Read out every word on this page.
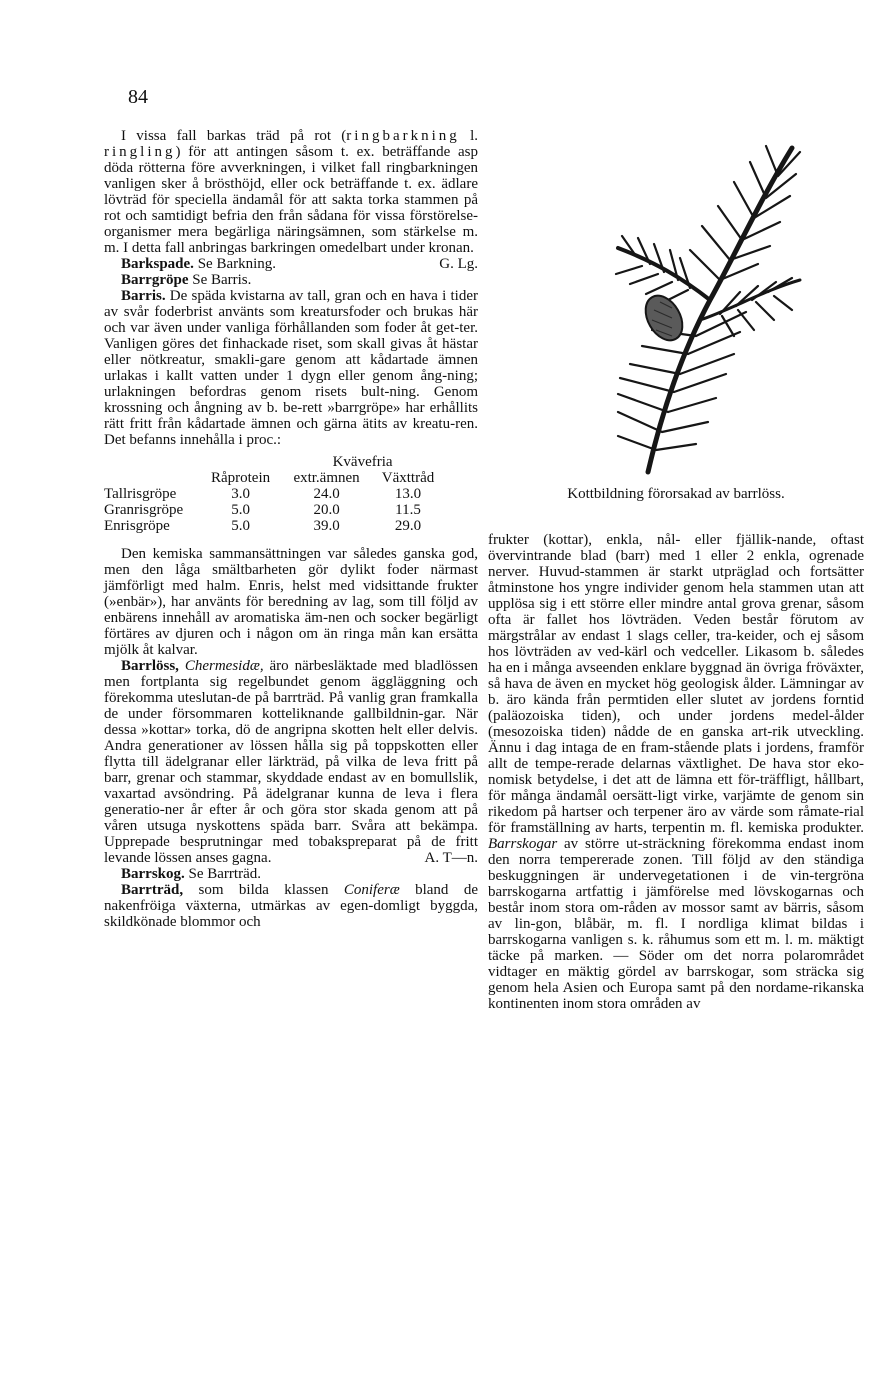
84

I vissa fall barkas träd på rot (ringbarkning l. ringling) för att antingen såsom t. ex. beträffande asp döda rötterna före avverkningen, i vilket fall ringbarkningen vanligen sker å brösthöjd, eller ock beträffande t. ex. ädlare lövträd för speciella ändamål för att sakta torka stammen på rot och samtidigt befria den från sådana för vissa förstörelse-organismer mera begärliga näringsämnen, som stärkelse m. m. I detta fall anbringas barkringen omedelbart under kronan.
G. Lg.

Barkspade. Se Barkning.

Barrgröpe Se Barris.

Barris. De späda kvistarna av tall, gran och en hava i tider av svår foderbrist använts som kreatursfoder och brukas här och var även under vanliga förhållanden som foder åt get-ter. Vanligen göres det finhackade riset, som skall givas åt hästar eller nötkreatur, smakli-gare genom att kådartade ämnen urlakas i kallt vatten under 1 dygn eller genom ång-ning; urlakningen befordras genom risets bult-ning. Genom krossning och ångning av b. be-rett »barrgröpe» har erhållits rätt fritt från kådartade ämnen och gärna ätits av kreatu-ren. Det befanns innehålla i proc.:

		Kvävefria	
	Råprotein	extr.ämnen	Växttråd
Tallrisgröpe	3.0	24.0	13.0
Granrisgröpe	5.0	20.0	11.5
Enrisgröpe	5.0	39.0	29.0

Den kemiska sammansättningen var således ganska god, men den låga smältbarheten gör dylikt foder närmast jämförligt med halm. Enris, helst med vidsittande frukter (»enbär»), har använts för beredning av lag, som till följd av enbärens innehåll av aromatiska äm-nen och socker begärligt förtäres av djuren och i någon om än ringa mån kan ersätta mjölk åt kalvar.

Barrlöss, Chermesidæ, äro närbesläktade med bladlössen men fortplanta sig regelbundet genom äggläggning och förekomma uteslutan-de på barrträd. På vanlig gran framkalla de under försommaren kotteliknande gallbildnin-gar. När dessa »kottar» torka, dö de angripna skotten helt eller delvis. Andra generationer av lössen hålla sig på toppskotten eller flytta till ädelgranar eller lärkträd, på vilka de leva fritt på barr, grenar och stammar, skyddade endast av en bomullslik, vaxartad avsöndring. På ädelgranar kunna de leva i flera generatio-ner år efter år och göra stor skada genom att på våren utsuga nyskottens späda barr. Svåra att bekämpa. Upprepade besprutningar med tobakspreparat på de fritt levande lössen anses gagna.	A. T—n.

Barrskog. Se Barrträd.

Barrträd, som bilda klassen Coniferæ bland de nakenfröiga växterna, utmärkas av egen-domligt byggda, skildkönade blommor och

Kottbildning förorsakad av barrlöss.

frukter (kottar), enkla, nål- eller fjällik-nande, oftast övervintrande blad (barr) med 1 eller 2 enkla, ogrenade nerver. Huvud-stammen är starkt utpräglad och fortsätter åtminstone hos yngre individer genom hela stammen utan att upplösa sig i ett större eller mindre antal grova grenar, såsom ofta är fallet hos lövträden. Veden består förutom av märgstrålar av endast 1 slags celler, tra-keider, och ej såsom hos lövträden av ved-kärl och vedceller. Likasom b. således ha en i många avseenden enklare byggnad än övriga fröväxter, så hava de även en mycket hög geologisk ålder. Lämningar av b. äro kända från permtiden eller slutet av jordens forntid (paläozoiska tiden), och under jordens medel-ålder (mesozoiska tiden) nådde de en ganska art-rik utveckling. Ännu i dag intaga de en fram-stående plats i jordens, framför allt de tempe-rerade delarnas växtlighet. De hava stor eko-nomisk betydelse, i det att de lämna ett för-träffligt, hållbart, för många ändamål oersätt-ligt virke, varjämte de genom sin rikedom på hartser och terpener äro av värde som råmate-rial för framställning av harts, terpentin m. fl. kemiska produkter. Barrskogar av större ut-sträckning förekomma endast inom den norra tempererade zonen. Till följd av den ständiga beskuggningen är undervegetationen i de vin-tergröna barrskogarna artfattig i jämförelse med lövskogarnas och består inom stora om-råden av mossor samt av bärris, såsom av lin-gon, blåbär, m. fl. I nordliga klimat bildas i barrskogarna vanligen s. k. råhumus som ett m. l. m. mäktigt täcke på marken. — Söder om det norra polarområdet vidtager en mäktig gördel av barrskogar, som sträcka sig genom hela Asien och Europa samt på den nordame-rikanska kontinenten inom stora områden av
